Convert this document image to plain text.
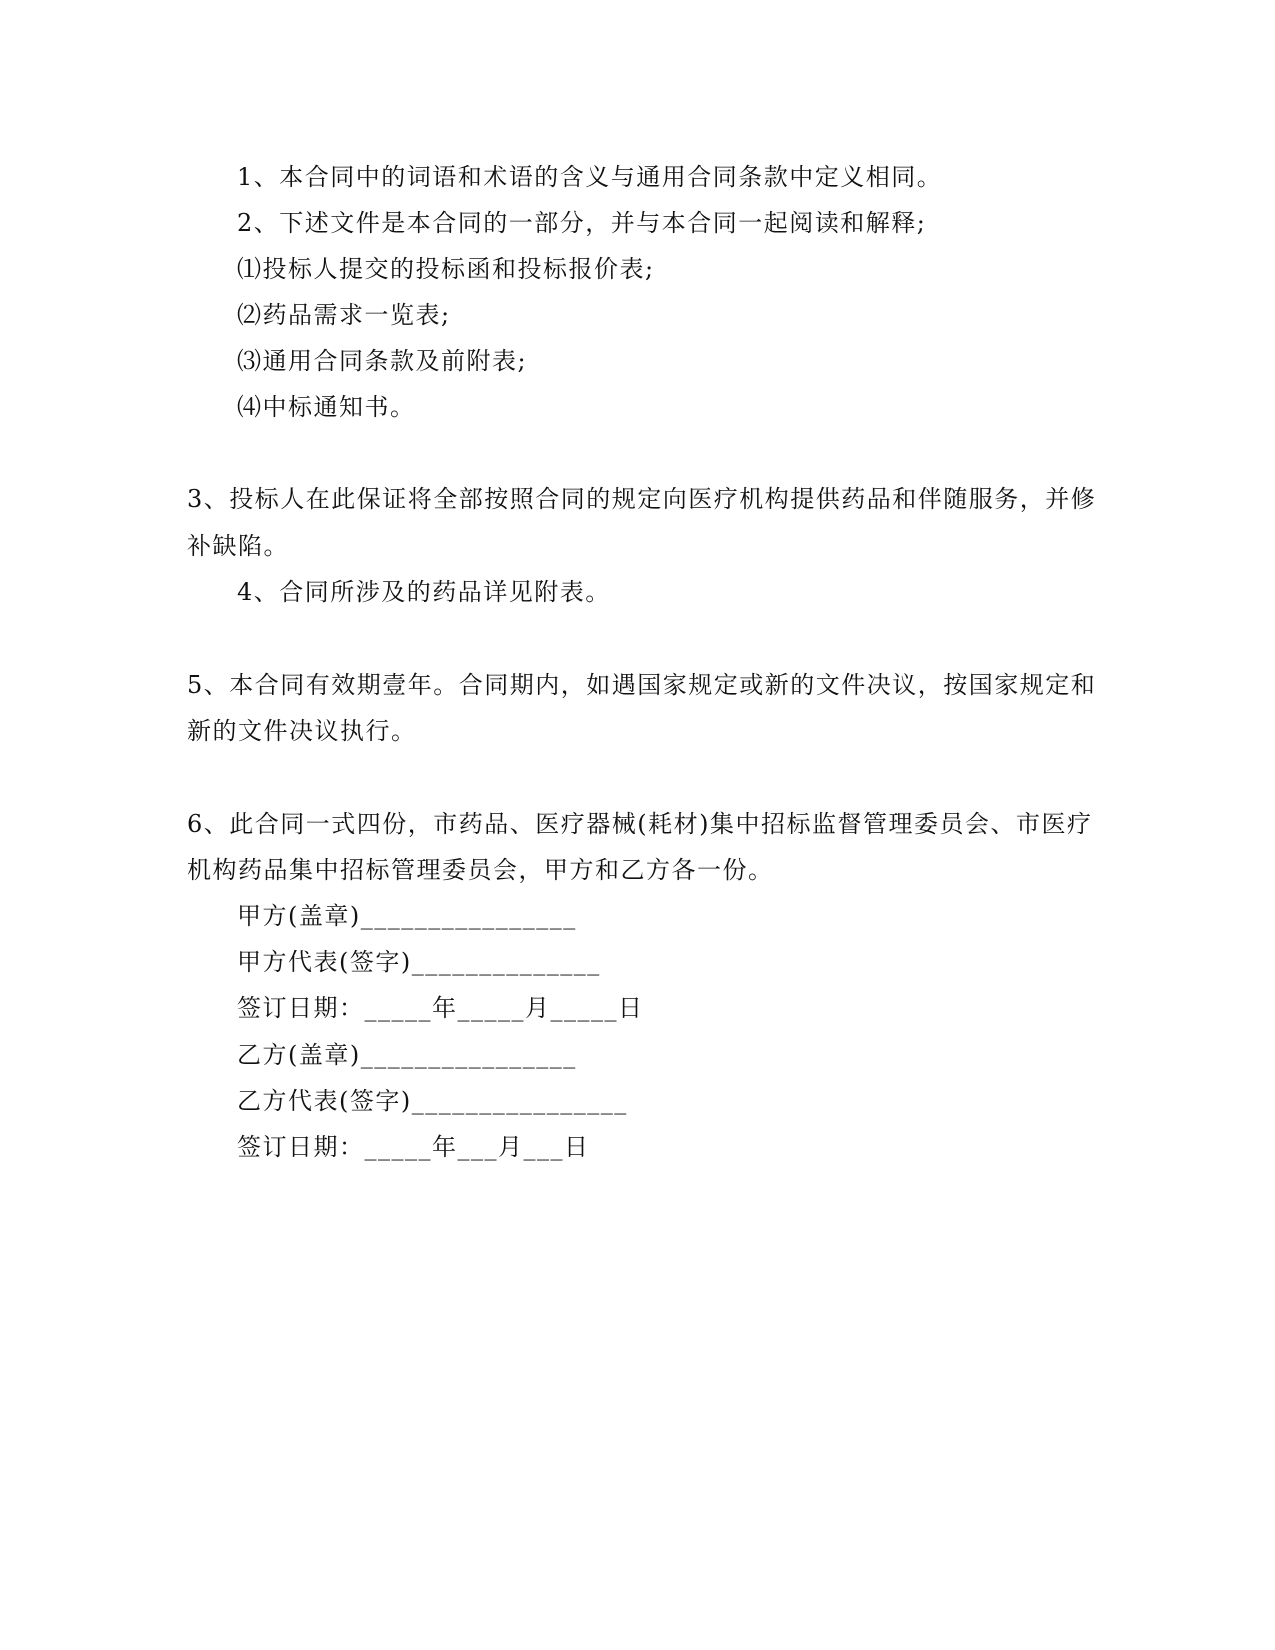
1、本合同中的词语和术语的含义与通用合同条款中定义相同。
2、下述文件是本合同的一部分，并与本合同一起阅读和解释;
⑴投标人提交的投标函和投标报价表;
⑵药品需求一览表;
⑶通用合同条款及前附表;
⑷中标通知书。
3、投标人在此保证将全部按照合同的规定向医疗机构提供药品和伴随服务，并修
补缺陷。
4、合同所涉及的药品详见附表。
5、本合同有效期壹年。合同期内，如遇国家规定或新的文件决议，按国家规定和
新的文件决议执行。
6、此合同一式四份，市药品、医疗器械(耗材)集中招标监督管理委员会、市医疗
机构药品集中招标管理委员会，甲方和乙方各一份。
甲方(盖章)________________
甲方代表(签字)______________
签订日期：_____年_____月_____日
乙方(盖章)________________
乙方代表(签字)________________
签订日期：_____年___月___日
